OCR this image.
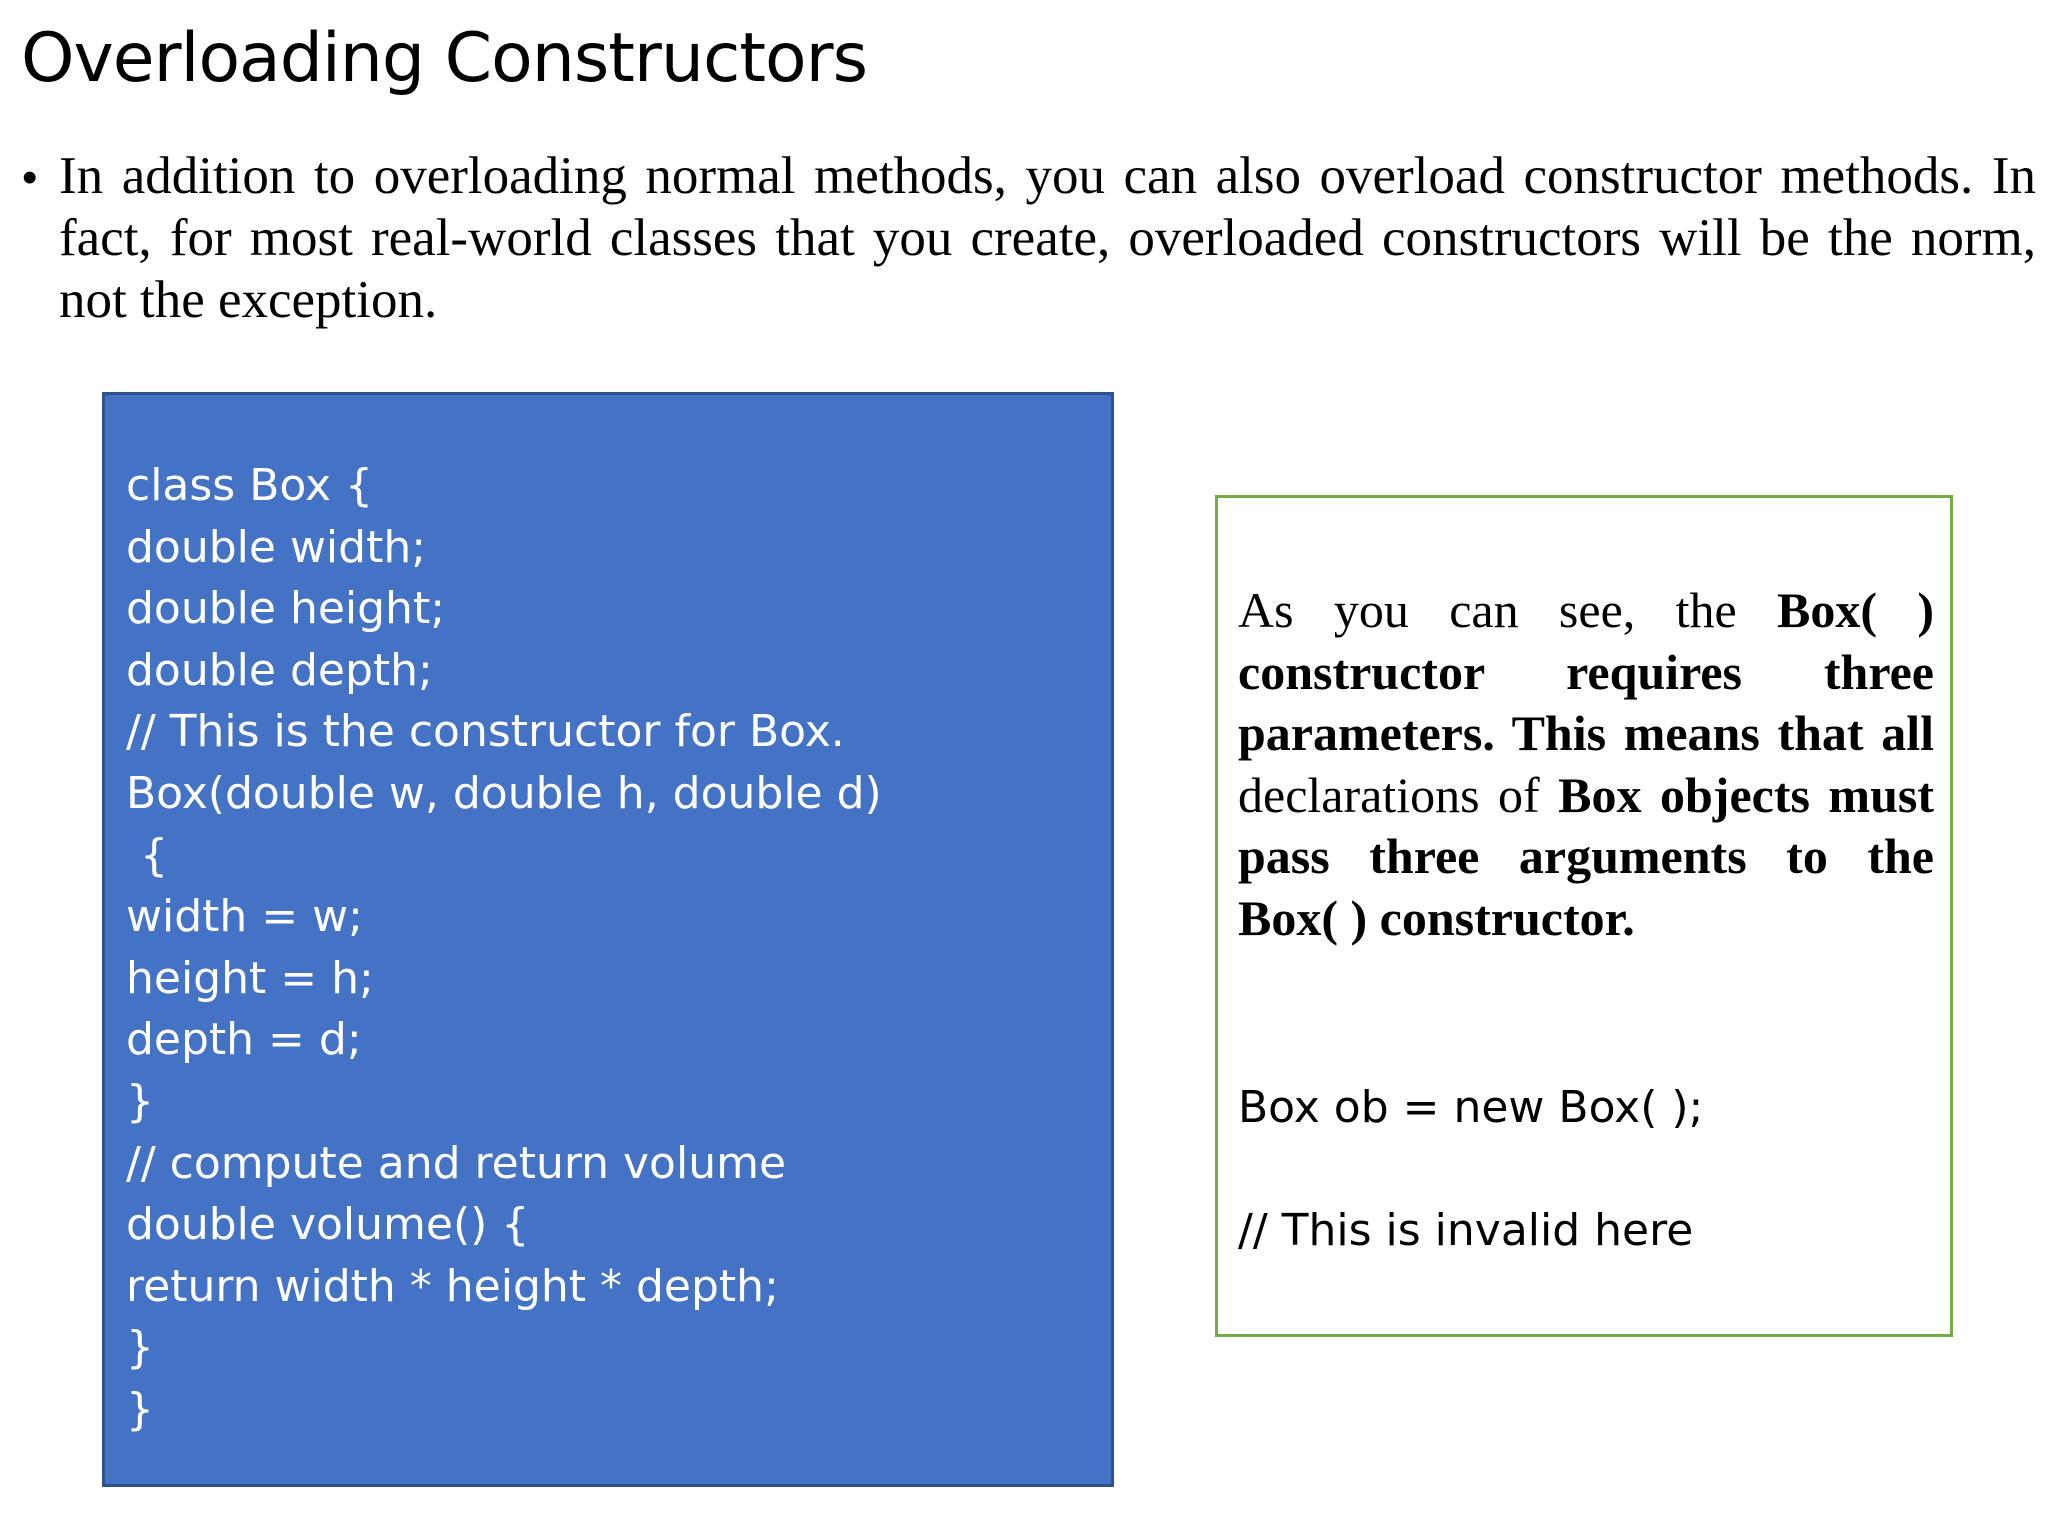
Overloading Constructors
• In addition to overloading normal methods, you can also overload constructor methods. In fact, for most real-world classes that you create, overloaded constructors will be the norm, not the exception.
class Box {
double width;
double height;
double depth;
// This is the constructor for Box.
Box(double w, double h, double d)
{
width = w;
height = h;
depth = d;
}
// compute and return volume
double volume() {
return width * height * depth;
}
}

As you can see, the Box( ) constructor requires three parameters. This means that all declarations of Box objects must pass three arguments to the Box( ) constructor.

Box ob = new Box( );

// This is invalid here
